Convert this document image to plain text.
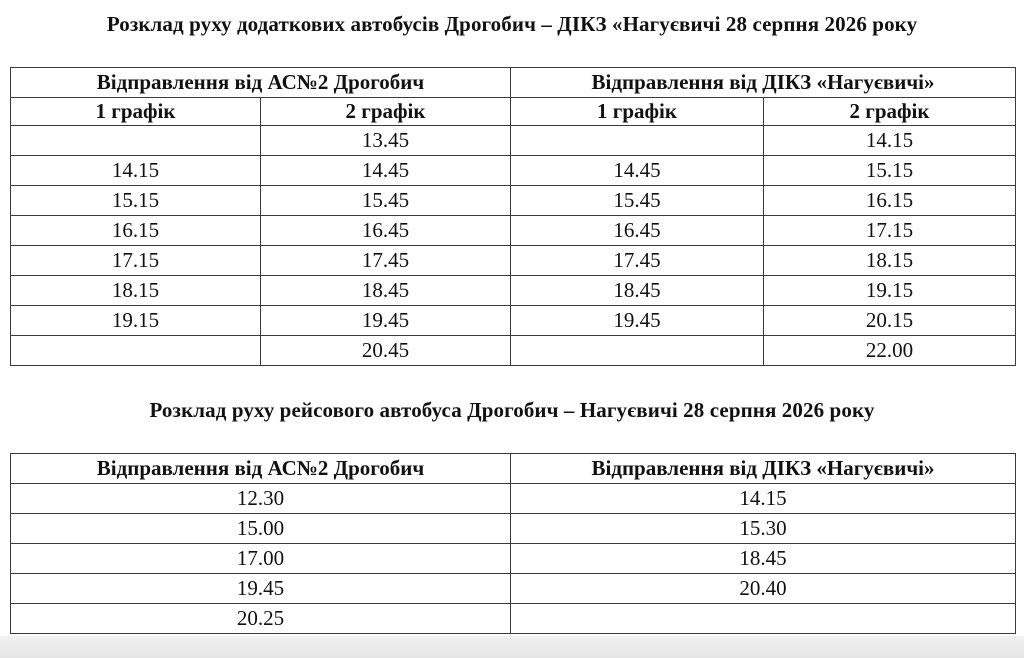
Розклад руху додаткових автобусів Дрогобич – ДІКЗ «Нагуєвичі 28 серпня 2026 року
Відправлення від АС№2 Дрогобич		Відправлення від ДІКЗ «Нагуєвичі»	
1 графік	2 графік	1 графік	2 графік
	13.45		14.15
14.15	14.45	14.45	15.15
15.15	15.45	15.45	16.15
16.15	16.45	16.45	17.15
17.15	17.45	17.45	18.15
18.15	18.45	18.45	19.15
19.15	19.45	19.45	20.15
	20.45		22.00
Розклад руху рейсового автобуса Дрогобич – Нагуєвичі 28 серпня 2026 року
Відправлення від АС№2 Дрогобич	Відправлення від ДІКЗ «Нагуєвичі»
12.30	14.15
15.00	15.30
17.00	18.45
19.45	20.40
20.25	
